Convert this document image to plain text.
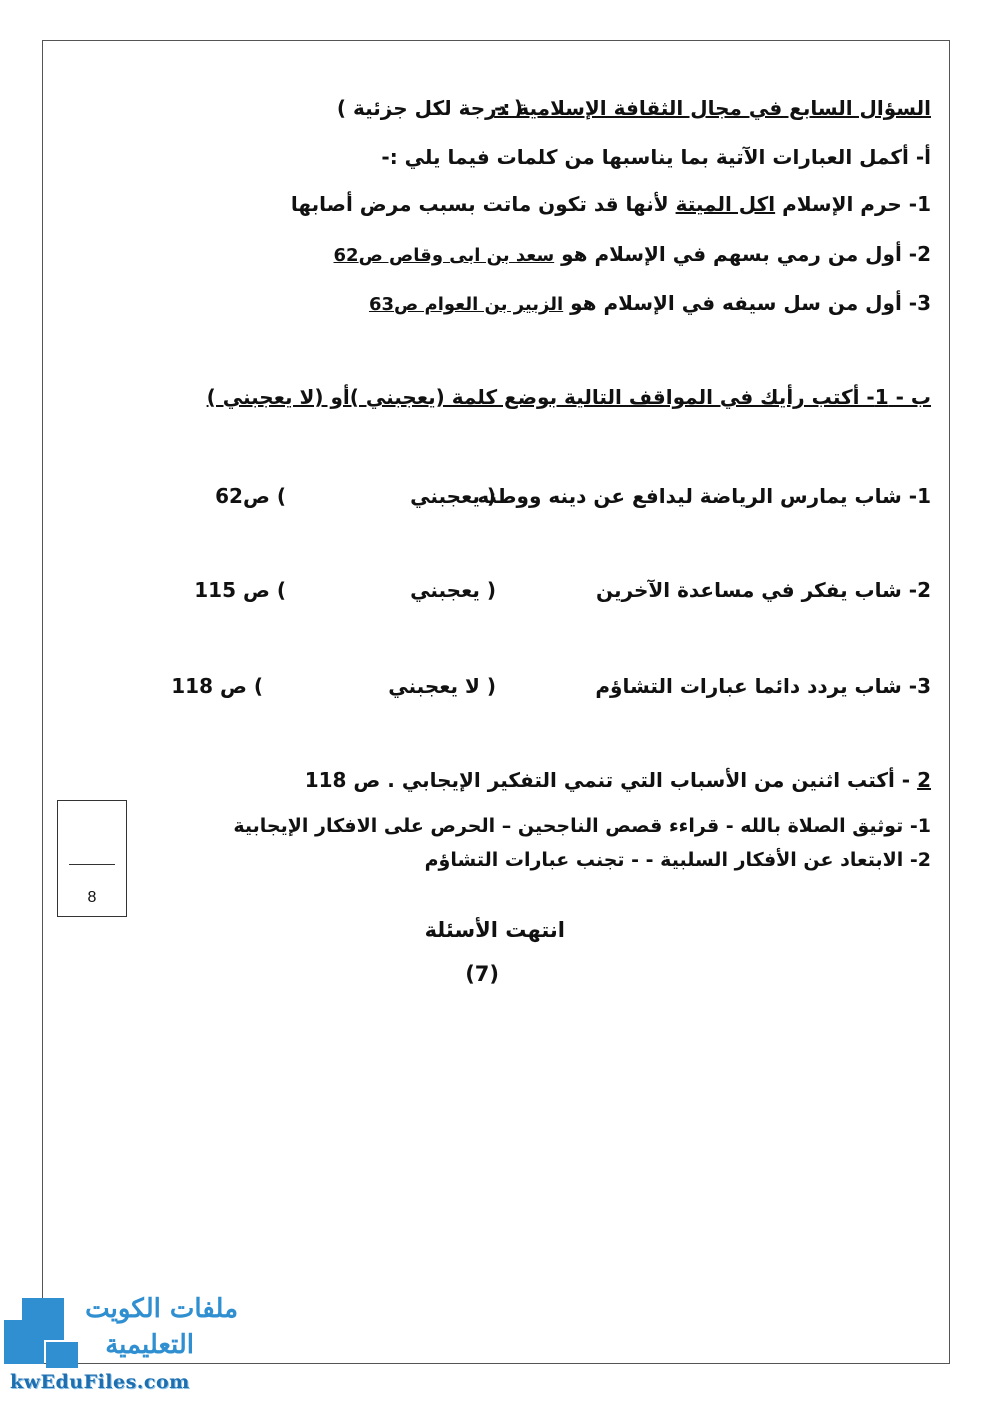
السؤال السابع في مجال الثقافة الإسلامية :-
( درجة لكل جزئية )
أ- أكمل العبارات الآتية بما يناسبها من كلمات فيما يلي :-
1- حرم الإسلام اكل الميتة لأنها قد تكون ماتت بسبب مرض أصابها
2- أول من رمي بسهم في الإسلام هو سعد بن ابى وقاص ص62
3- أول من سل سيفه في الإسلام هو الزبير بن العوام ص63
ب - 1- أكتب رأيك في المواقف التالية بوضع كلمة (يعجبني )أو (لا يعجبني )
1- شاب يمارس الرياضة ليدافع عن دينه ووطنه
( يعجبني
) ص62
2- شاب يفكر في مساعدة الآخرين
( يعجبني
) ص 115
3- شاب يردد دائما عبارات التشاؤم
( لا يعجبني
) ص 118
2 - أكتب اثنين من الأسباب التي تنمي التفكير الإيجابي . ص 118
1- توثيق الصلاة بالله - قراءء قصص الناجحين – الحرص على الافكار الإيجابية
2- الابتعاد عن الأفكار السلبية - - تجنب عبارات التشاؤم
8
انتهت الأسئلة
(7)
ملفات الكويت
التعليمية
kwEduFiles.com
